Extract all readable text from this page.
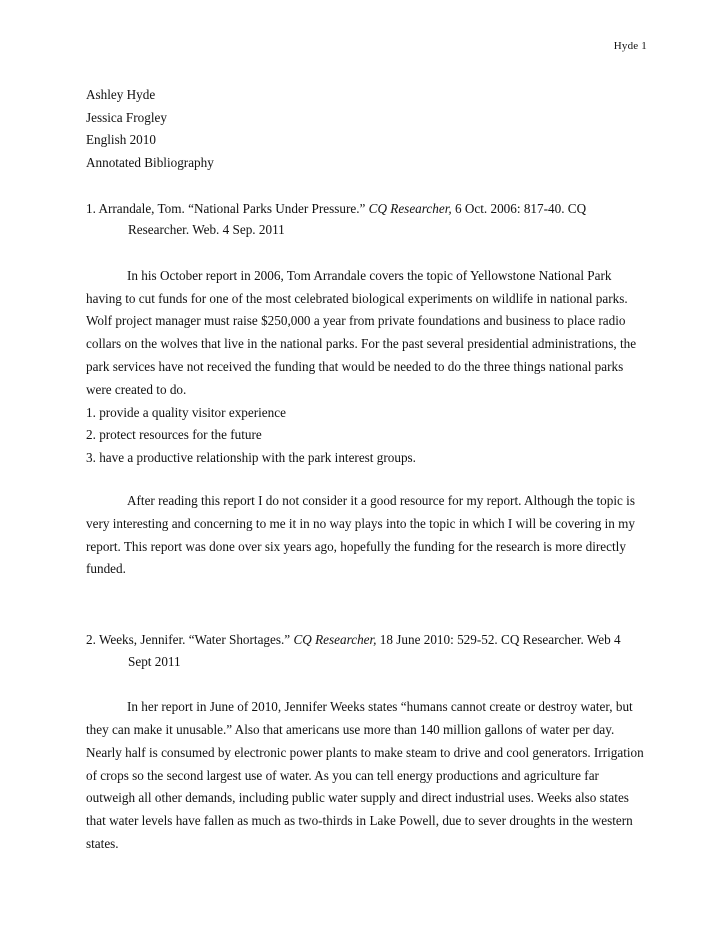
Hyde 1

Ashley Hyde

Jessica Frogley

English 2010

Annotated Bibliography

1. Arrandale, Tom. “National Parks Under Pressure.” CQ Researcher, 6 Oct. 2006: 817-40. CQ Researcher. Web. 4 Sep. 2011

In his October report in 2006, Tom Arrandale covers the topic of Yellowstone National Park having to cut funds for one of the most celebrated biological experiments on wildlife in national parks. Wolf project manager must raise $250,000 a year from private foundations and business to place radio collars on the wolves that live in the national parks. For the past several presidential administrations, the park services have not received the funding that would be needed to do the three things national parks were created to do.

1. provide a quality visitor experience

2. protect resources for the future

3. have a productive relationship with the park interest groups.

After reading this report I do not consider it a good resource for my report. Although the topic is very interesting and concerning to me it in no way plays into the topic in which I will be covering in my report. This report was done over six years ago, hopefully the funding for the research is more directly funded.

2. Weeks, Jennifer. “Water Shortages.” CQ Researcher, 18 June 2010: 529-52. CQ Researcher. Web 4 Sept 2011

In her report in June of 2010, Jennifer Weeks states “humans cannot create or destroy water, but they can make it unusable.” Also that americans use more than 140 million gallons of water per day. Nearly half is consumed by electronic power plants to make steam to drive and cool generators. Irrigation of crops so the second largest use of water. As you can tell energy productions and agriculture far outweigh all other demands, including public water supply and direct industrial uses. Weeks also states that water levels have fallen as much as two-thirds in Lake Powell, due to sever droughts in the western states.
